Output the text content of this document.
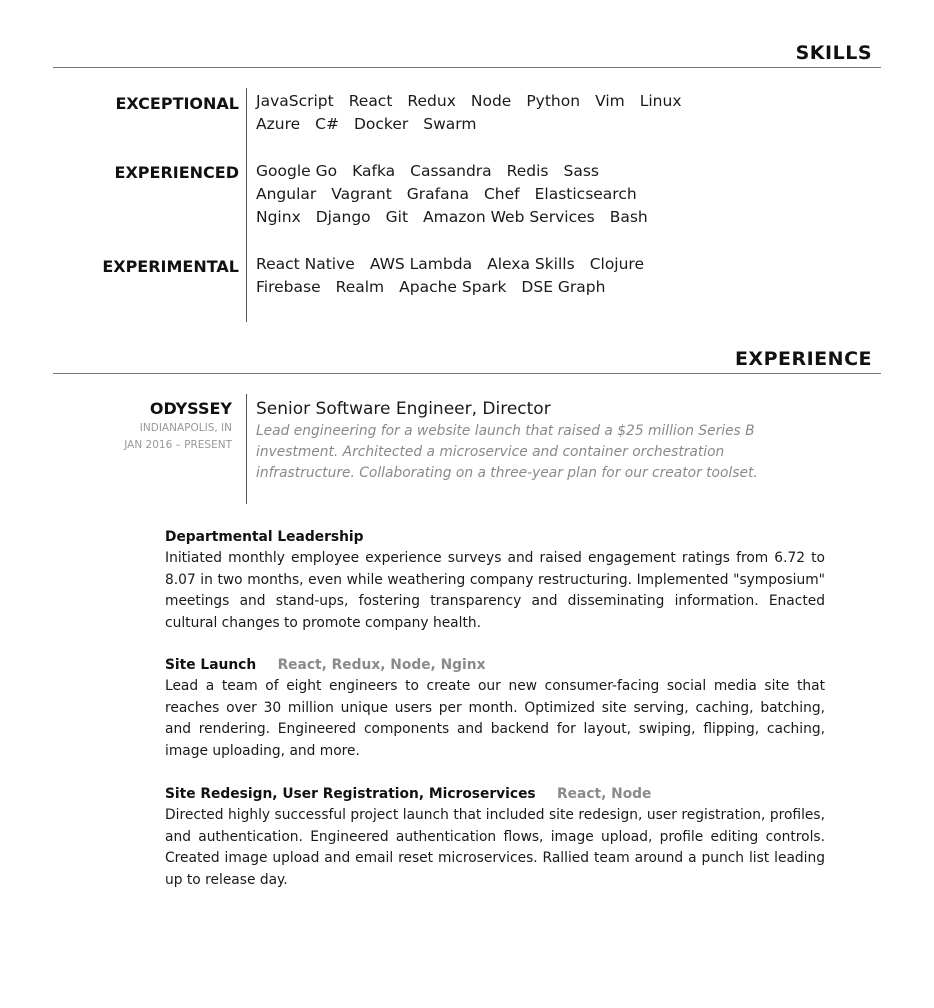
SKILLS
EXCEPTIONAL JavaScript React Redux Node Python Vim Linux
Azure C# Docker Swarm
EXPERIENCED Google Go Kafka Cassandra Redis Sass
Angular Vagrant Grafana Chef Elasticsearch
Nginx Django Git Amazon Web Services Bash
EXPERIMENTAL React Native AWS Lambda Alexa Skills Clojure
Firebase Realm Apache Spark DSE Graph
EXPERIENCE
ODYSSEY
INDIANAPOLIS, IN
JAN 2016 – PRESENT
Senior Software Engineer, Director
Lead engineering for a website launch that raised a $25 million Series B investment. Architected a microservice and container orchestration infrastructure. Collaborating on a three-year plan for our creator toolset.
Departmental Leadership
Initiated monthly employee experience surveys and raised engagement ratings from 6.72 to 8.07 in two months, even while weathering company restructuring. Implemented "symposium" meetings and stand-ups, fostering transparency and disseminating information. Enacted cultural changes to promote company health.
Site Launch React, Redux, Node, Nginx
Lead a team of eight engineers to create our new consumer-facing social media site that reaches over 30 million unique users per month. Optimized site serving, caching, batching, and rendering. Engineered components and backend for layout, swiping, flipping, caching, image uploading, and more.
Site Redesign, User Registration, Microservices React, Node
Directed highly successful project launch that included site redesign, user registration, profiles, and authentication. Engineered authentication flows, image upload, profile editing controls. Created image upload and email reset microservices. Rallied team around a punch list leading up to release day.
